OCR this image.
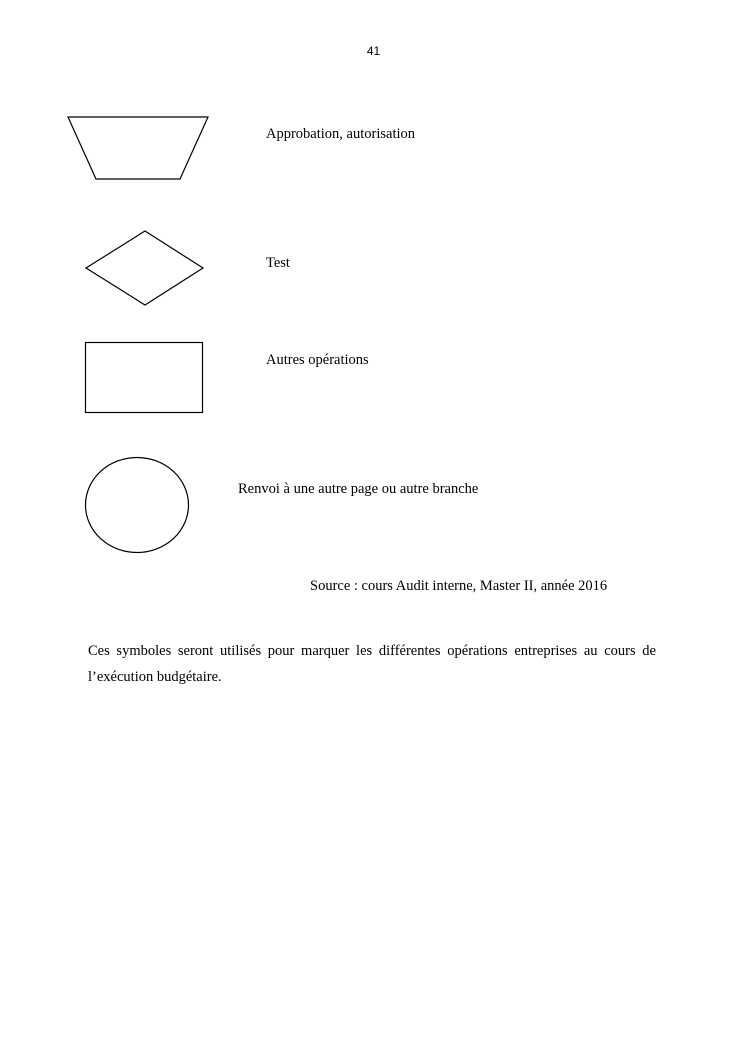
41
Approbation, autorisation
Test
Autres opérations
Renvoi à une autre page ou autre branche
Source : cours Audit interne, Master II, année 2016
Ces symboles seront utilisés pour marquer les différentes opérations entreprises au cours de l’exécution budgétaire.
